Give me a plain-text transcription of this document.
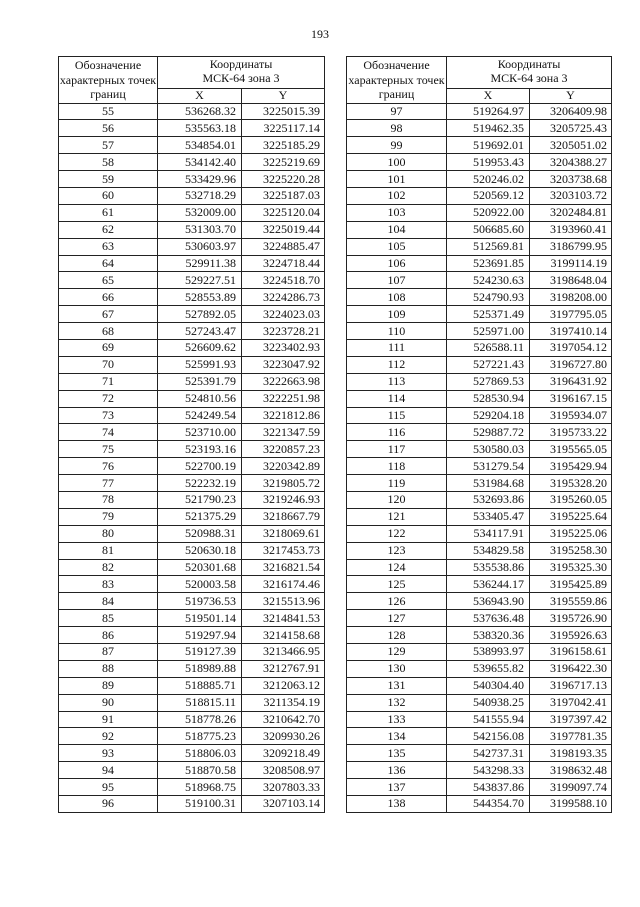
193
Обозначение характерных точек границ	Координаты
МСК-64 зона 3	

	X	Y
55	536268.32	3225015.39
56	535563.18	3225117.14
57	534854.01	3225185.29
58	534142.40	3225219.69
59	533429.96	3225220.28
60	532718.29	3225187.03
61	532009.00	3225120.04
62	531303.70	3225019.44
63	530603.97	3224885.47
64	529911.38	3224718.44
65	529227.51	3224518.70
66	528553.89	3224286.73
67	527892.05	3224023.03
68	527243.47	3223728.21
69	526609.62	3223402.93
70	525991.93	3223047.92
71	525391.79	3222663.98
72	524810.56	3222251.98
73	524249.54	3221812.86
74	523710.00	3221347.59
75	523193.16	3220857.23
76	522700.19	3220342.89
77	522232.19	3219805.72
78	521790.23	3219246.93
79	521375.29	3218667.79
80	520988.31	3218069.61
81	520630.18	3217453.73
82	520301.68	3216821.54
83	520003.58	3216174.46
84	519736.53	3215513.96
85	519501.14	3214841.53
86	519297.94	3214158.68
87	519127.39	3213466.95
88	518989.88	3212767.91
89	518885.71	3212063.12
90	518815.11	3211354.19
91	518778.26	3210642.70
92	518775.23	3209930.26
93	518806.03	3209218.49
94	518870.58	3208508.97
95	518968.75	3207803.33
96	519100.31	3207103.14
Обозначение характерных точек границ	Координаты
МСК-64 зона 3	

	X	Y
97	519264.97	3206409.98
98	519462.35	3205725.43
99	519692.01	3205051.02
100	519953.43	3204388.27
101	520246.02	3203738.68
102	520569.12	3203103.72
103	520922.00	3202484.81
104	506685.60	3193960.41
105	512569.81	3186799.95
106	523691.85	3199114.19
107	524230.63	3198648.04
108	524790.93	3198208.00
109	525371.49	3197795.05
110	525971.00	3197410.14
111	526588.11	3197054.12
112	527221.43	3196727.80
113	527869.53	3196431.92
114	528530.94	3196167.15
115	529204.18	3195934.07
116	529887.72	3195733.22
117	530580.03	3195565.05
118	531279.54	3195429.94
119	531984.68	3195328.20
120	532693.86	3195260.05
121	533405.47	3195225.64
122	534117.91	3195225.06
123	534829.58	3195258.30
124	535538.86	3195325.30
125	536244.17	3195425.89
126	536943.90	3195559.86
127	537636.48	3195726.90
128	538320.36	3195926.63
129	538993.97	3196158.61
130	539655.82	3196422.30
131	540304.40	3196717.13
132	540938.25	3197042.41
133	541555.94	3197397.42
134	542156.08	3197781.35
135	542737.31	3198193.35
136	543298.33	3198632.48
137	543837.86	3199097.74
138	544354.70	3199588.10
